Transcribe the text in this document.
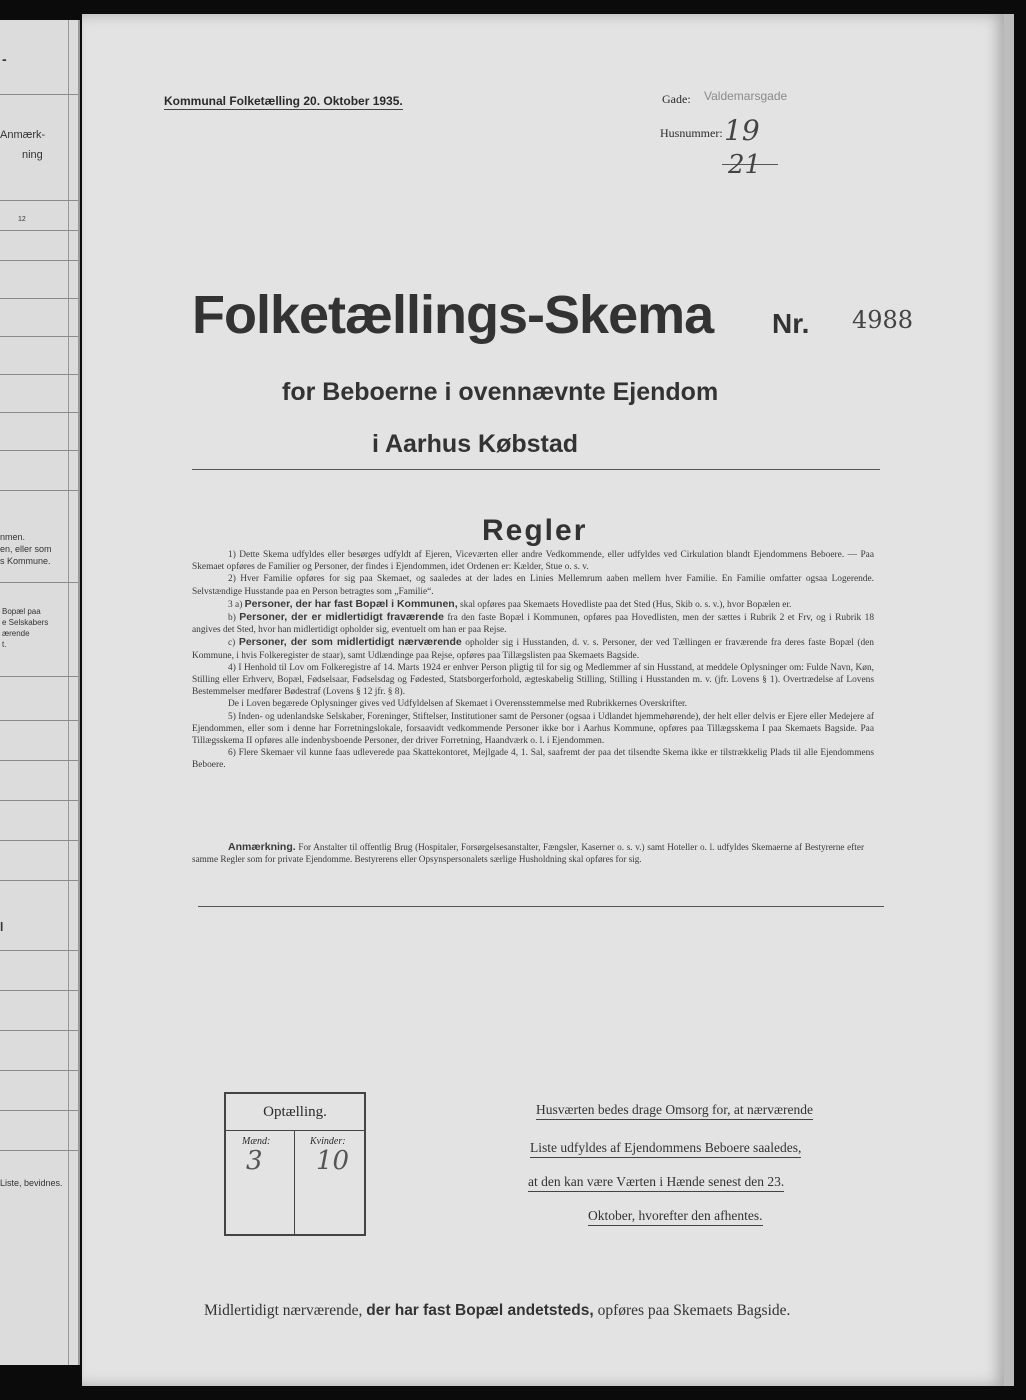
-
Anmærk-
ning
12
nmen.
en, eller som
s Kommune.
Bopæl paa
e Selskabers
ærende
t.
l
Liste, bevidnes.
Kommunal Folketælling 20. Oktober 1935.	Gade: Valdemarsgade
Husnummer: 19
21
Folketællings-Skema Nr. 4988
for Beboerne i ovennævnte Ejendom
i Aarhus Købstad
Regler

1) Dette Skema udfyldes eller besørges udfyldt af Ejeren, Viceværten eller andre Vedkommende, eller udfyldes ved Cirkulation blandt Ejendommens Beboere. — Paa Skemaet opføres de Familier og Personer, der findes i Ejendommen, idet Ordenen er: Kælder, Stue o. s. v.

2) Hver Familie opføres for sig paa Skemaet, og saaledes at der lades en Linies Mellemrum aaben mellem hver Familie. En Familie omfatter ogsaa Logerende. Selvstændige Husstande paa en Person betragtes som „Familie“.

3 a) Personer, der har fast Bopæl i Kommunen, skal opføres paa Skemaets Hovedliste paa det Sted (Hus, Skib o. s. v.), hvor Bopælen er.

b) Personer, der er midlertidigt fraværende fra den faste Bopæl i Kommunen, opføres paa Hovedlisten, men der sættes i Rubrik 2 et Frv, og i Rubrik 18 angives det Sted, hvor han midlertidigt opholder sig, eventuelt om han er paa Rejse.

c) Personer, der som midlertidigt nærværende opholder sig i Husstanden, d. v. s. Personer, der ved Tællingen er fraværende fra deres faste Bopæl (den Kommune, i hvis Folkeregister de staar), samt Udlændinge paa Rejse, opføres paa Tillægslisten paa Skemaets Bagside.

4) I Henhold til Lov om Folkeregistre af 14. Marts 1924 er enhver Person pligtig til for sig og Medlemmer af sin Husstand, at meddele Oplysninger om: Fulde Navn, Køn, Stilling eller Erhverv, Bopæl, Fødselsaar, Fødselsdag og Fødested, Statsborgerforhold, ægteskabelig Stilling, Stilling i Husstanden m. v. (jfr. Lovens § 1). Overtrædelse af Lovens Bestemmelser medfører Bødestraf (Lovens § 12 jfr. § 8).

De i Loven begærede Oplysninger gives ved Udfyldelsen af Skemaet i Overensstemmelse med Rubrikkernes Overskrifter.

5) Inden- og udenlandske Selskaber, Foreninger, Stiftelser, Institutioner samt de Personer (ogsaa i Udlandet hjemmehørende), der helt eller delvis er Ejere eller Medejere af Ejendommen, eller som i denne har Forretningslokale, forsaavidt vedkommende Personer ikke bor i Aarhus Kommune, opføres paa Tillægsskema I paa Skemaets Bagside. Paa Tillægsskema II opføres alle indenbysboende Personer, der driver Forretning, Haandværk o. l. i Ejendommen.

6) Flere Skemaer vil kunne faas udleverede paa Skattekontoret, Mejlgade 4, 1. Sal, saafremt der paa det tilsendte Skema ikke er tilstrækkelig Plads til alle Ejendommens Beboere.

Anmærkning. For Anstalter til offentlig Brug (Hospitaler, Forsørgelsesanstalter, Fængsler, Kaserner o. s. v.) samt Hoteller o. l. udfyldes Skemaerne af Bestyrerne efter samme Regler som for private Ejendomme. Bestyrerens eller Opsynspersonalets særlige Husholdning skal opføres for sig.
Optælling.
Mænd:	Kvinder:
3 10
Husværten bedes drage Omsorg for, at nærværende
Liste udfyldes af Ejendommens Beboere saaledes,
at den kan være Værten i Hænde senest den 23.
Oktober, hvorefter den afhentes.
Midlertidigt nærværende, der har fast Bopæl andetsteds, opføres paa Skemaets Bagside.
